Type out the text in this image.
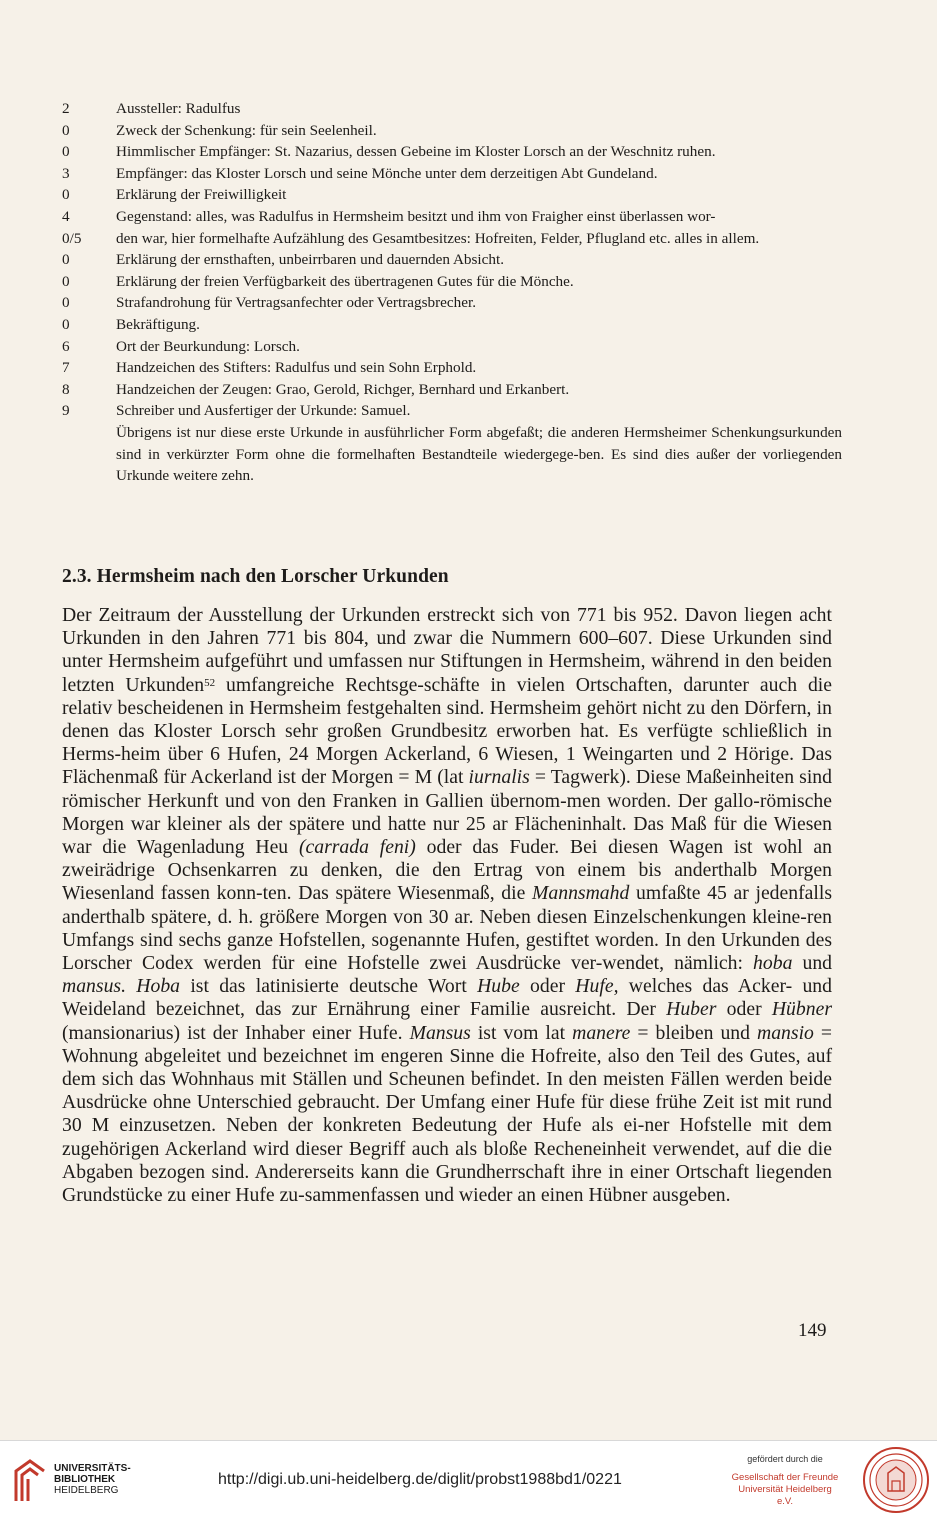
2	Aussteller: Radulfus
0	Zweck der Schenkung: für sein Seelenheil.
0	Himmlischer Empfänger: St. Nazarius, dessen Gebeine im Kloster Lorsch an der Weschnitz ruhen.
3	Empfänger: das Kloster Lorsch und seine Mönche unter dem derzeitigen Abt Gundeland.
0	Erklärung der Freiwilligkeit
4	Gegenstand: alles, was Radulfus in Hermsheim besitzt und ihm von Fraigher einst überlassen wor-
0/5	den war, hier formelhafte Aufzählung des Gesamtbesitzes: Hofreiten, Felder, Pflugland etc. alles in allem.
0	Erklärung der ernsthaften, unbeirrbaren und dauernden Absicht.
0	Erklärung der freien Verfügbarkeit des übertragenen Gutes für die Mönche.
0	Strafandrohung für Vertragsanfechter oder Vertragsbrecher.
0	Bekräftigung.
6	Ort der Beurkundung: Lorsch.
7	Handzeichen des Stifters: Radulfus und sein Sohn Erphold.
8	Handzeichen der Zeugen: Grao, Gerold, Richger, Bernhard und Erkanbert.
9	Schreiber und Ausfertiger der Urkunde: Samuel.
Übrigens ist nur diese erste Urkunde in ausführlicher Form abgefaßt; die anderen Hermsheimer Schenkungsurkunden sind in verkürzter Form ohne die formelhaften Bestandteile wiedergege-ben. Es sind dies außer der vorliegenden Urkunde weitere zehn.
2.3. Hermsheim nach den Lorscher Urkunden

Der Zeitraum der Ausstellung der Urkunden erstreckt sich von 771 bis 952. Davon liegen acht Urkunden in den Jahren 771 bis 804, und zwar die Nummern 600–607. Diese Urkunden sind unter Hermsheim aufgeführt und umfassen nur Stiftungen in Hermsheim, während in den beiden letzten Urkunden$^{52}$ umfangreiche Rechtsge-schäfte in vielen Ortschaften, darunter auch die relativ bescheidenen in Hermsheim festgehalten sind. Hermsheim gehört nicht zu den Dörfern, in denen das Kloster Lorsch sehr großen Grundbesitz erworben hat. Es verfügte schließlich in Herms-heim über 6 Hufen, 24 Morgen Ackerland, 6 Wiesen, 1 Weingarten und 2 Hörige. Das Flächenmaß für Ackerland ist der Morgen = M (lat iurnalis = Tagwerk). Diese Maßeinheiten sind römischer Herkunft und von den Franken in Gallien übernom-men worden. Der gallo-römische Morgen war kleiner als der spätere und hatte nur 25 ar Flächeninhalt. Das Maß für die Wiesen war die Wagenladung Heu (carrada feni) oder das Fuder. Bei diesen Wagen ist wohl an zweirädrige Ochsenkarren zu denken, die den Ertrag von einem bis anderthalb Morgen Wiesenland fassen konn-ten. Das spätere Wiesenmaß, die Mannsmahd umfaßte 45 ar jedenfalls anderthalb spätere, d. h. größere Morgen von 30 ar. Neben diesen Einzelschenkungen kleine-ren Umfangs sind sechs ganze Hofstellen, sogenannte Hufen, gestiftet worden. In den Urkunden des Lorscher Codex werden für eine Hofstelle zwei Ausdrücke ver-wendet, nämlich: hoba und mansus. Hoba ist das latinisierte deutsche Wort Hube oder Hufe, welches das Acker- und Weideland bezeichnet, das zur Ernährung einer Familie ausreicht. Der Huber oder Hübner (mansionarius) ist der Inhaber einer Hufe. Mansus ist vom lat manere = bleiben und mansio = Wohnung abgeleitet und bezeichnet im engeren Sinne die Hofreite, also den Teil des Gutes, auf dem sich das Wohnhaus mit Ställen und Scheunen befindet. In den meisten Fällen werden beide Ausdrücke ohne Unterschied gebraucht. Der Umfang einer Hufe für diese frühe Zeit ist mit rund 30 M einzusetzen. Neben der konkreten Bedeutung der Hufe als ei-ner Hofstelle mit dem zugehörigen Ackerland wird dieser Begriff auch als bloße Recheneinheit verwendet, auf die die Abgaben bezogen sind. Andererseits kann die Grundherrschaft ihre in einer Ortschaft liegenden Grundstücke zu einer Hufe zu-sammenfassen und wieder an einen Hübner ausgeben.

149
UNIVERSITÄTS-
BIBLIOTHEK
HEIDELBERG
http://digi.ub.uni-heidelberg.de/diglit/probst1988bd1/0221
gefördert durch die
Gesellschaft der Freunde
Universität Heidelberg e.V.
